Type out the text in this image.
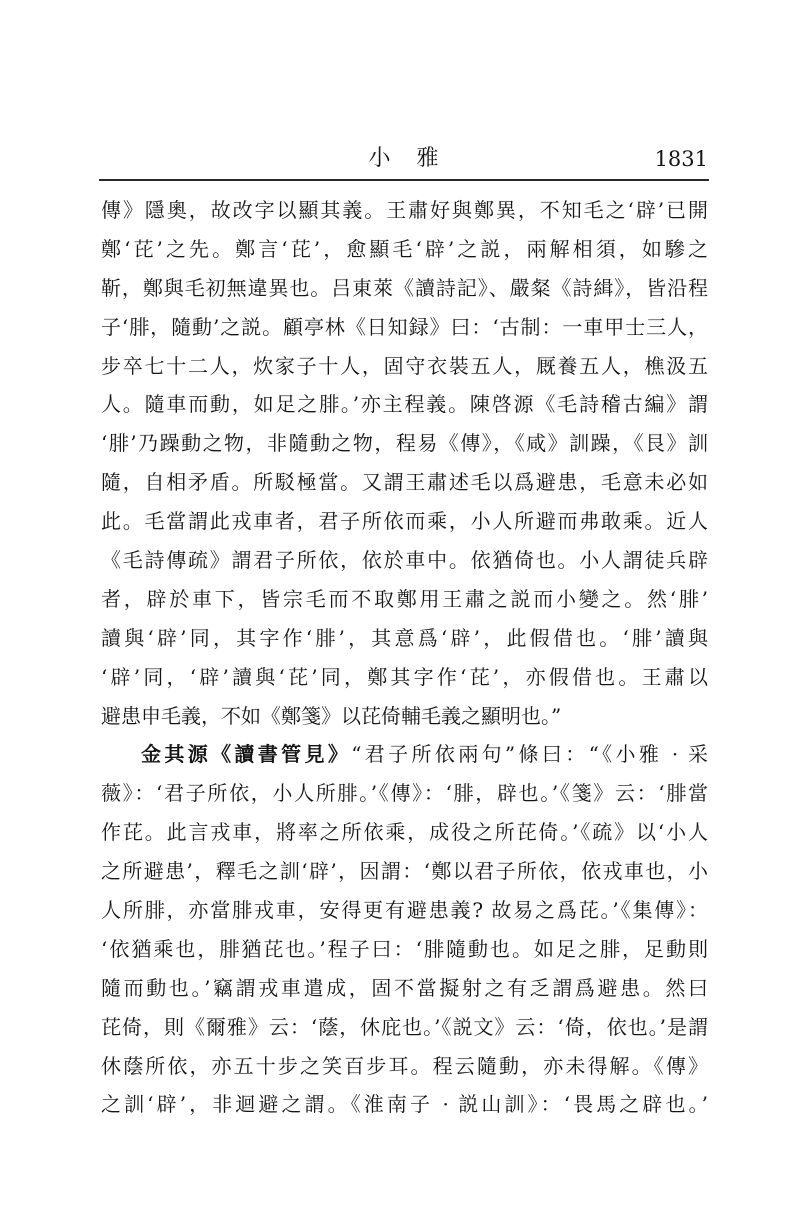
小　雅	1831
傳》隱奧，故改字以顯其義。王肅好與鄭異，不知毛之‘辟’已開
鄭‘芘’之先。鄭言‘芘’，愈顯毛‘辟’之説，兩解相須，如驂之
靳，鄭與毛初無違異也。吕東萊《讀詩記》、嚴粲《詩緝》，皆沿程
子‘腓，隨動’之説。顧亭林《日知録》曰：‘古制：一車甲士三人，
步卒七十二人，炊家子十人，固守衣裝五人，厩養五人，樵汲五
人。隨車而動，如足之腓。’亦主程義。陳啓源《毛詩稽古編》謂
‘腓’乃躁動之物，非隨動之物，程易《傳》，《咸》訓躁，《艮》訓
隨，自相矛盾。所駁極當。又謂王肅述毛以爲避患，毛意未必如
此。毛當謂此戎車者，君子所依而乘，小人所避而弗敢乘。近人
《毛詩傳疏》謂君子所依，依於車中。依猶倚也。小人謂徒兵辟
者，辟於車下，皆宗毛而不取鄭用王肅之説而小變之。然‘腓’
讀與‘辟’同，其字作‘腓’，其意爲‘辟’，此假借也。‘腓’讀與
‘辟’同，‘辟’讀與‘芘’同，鄭其字作‘芘’，亦假借也。王肅以
避患申毛義，不如《鄭箋》以芘倚輔毛義之顯明也。”
金其源《讀書管見》“君子所依兩句”條曰：“《小雅 · 采
薇》：‘君子所依，小人所腓。’《傳》：‘腓，辟也。’《箋》云：‘腓當
作芘。此言戎車，將率之所依乘，成役之所芘倚。’《疏》以‘小人
之所避患’，釋毛之訓‘辟’，因謂：‘鄭以君子所依，依戎車也，小
人所腓，亦當腓戎車，安得更有避患義? 故易之爲芘。’《集傳》：
‘依猶乘也，腓猶芘也。’程子曰：‘腓隨動也。如足之腓，足動則
隨而動也。’竊謂戎車遣成，固不當擬射之有乏謂爲避患。然曰
芘倚，則《爾雅》云：‘蔭，休庇也。’《説文》云：‘倚，依也。’是謂
休蔭所依，亦五十步之笑百步耳。程云隨動，亦未得解。《傳》
之訓‘辟’，非迴避之謂。《淮南子 · 説山訓》：‘畏馬之辟也。’
